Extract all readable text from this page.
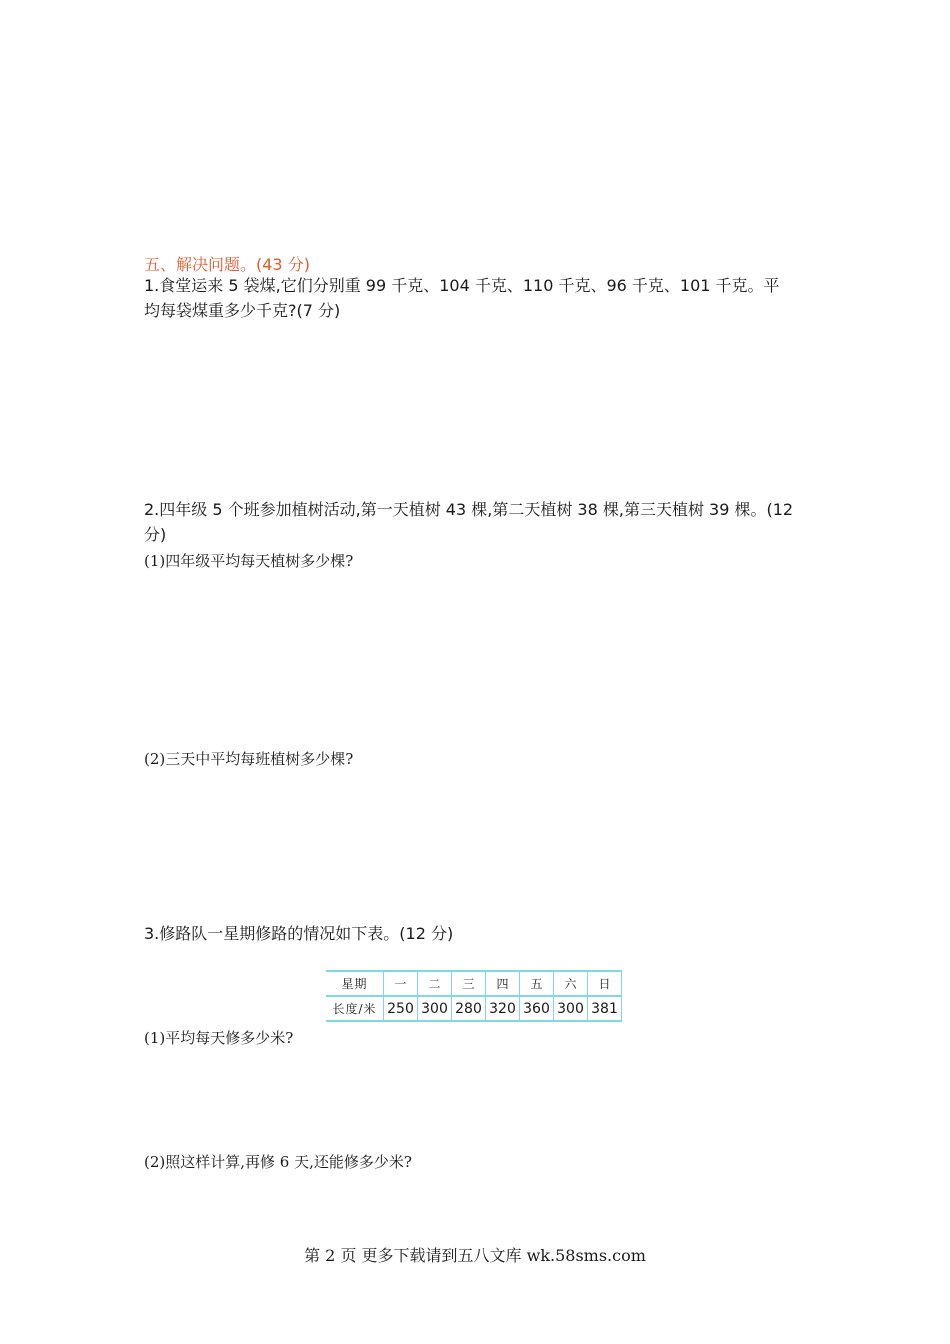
五、解决问题。(43 分)
1.食堂运来 5 袋煤,它们分别重 99 千克、104 千克、110 千克、96 千克、101 千克。平
均每袋煤重多少千克?(7 分)
2.四年级 5 个班参加植树活动,第一天植树 43 棵,第二天植树 38 棵,第三天植树 39 棵。(12
分)
(1)四年级平均每天植树多少棵?
(2)三天中平均每班植树多少棵?
3.修路队一星期修路的情况如下表。(12 分)
星期	一	二	三	四	五	六	日
长度/米	250	300	280	320	360	300	381
(1)平均每天修多少米?
(2)照这样计算,再修 6 天,还能修多少米?
第 2 页 更多下载请到五八文库 wk.58sms.com
